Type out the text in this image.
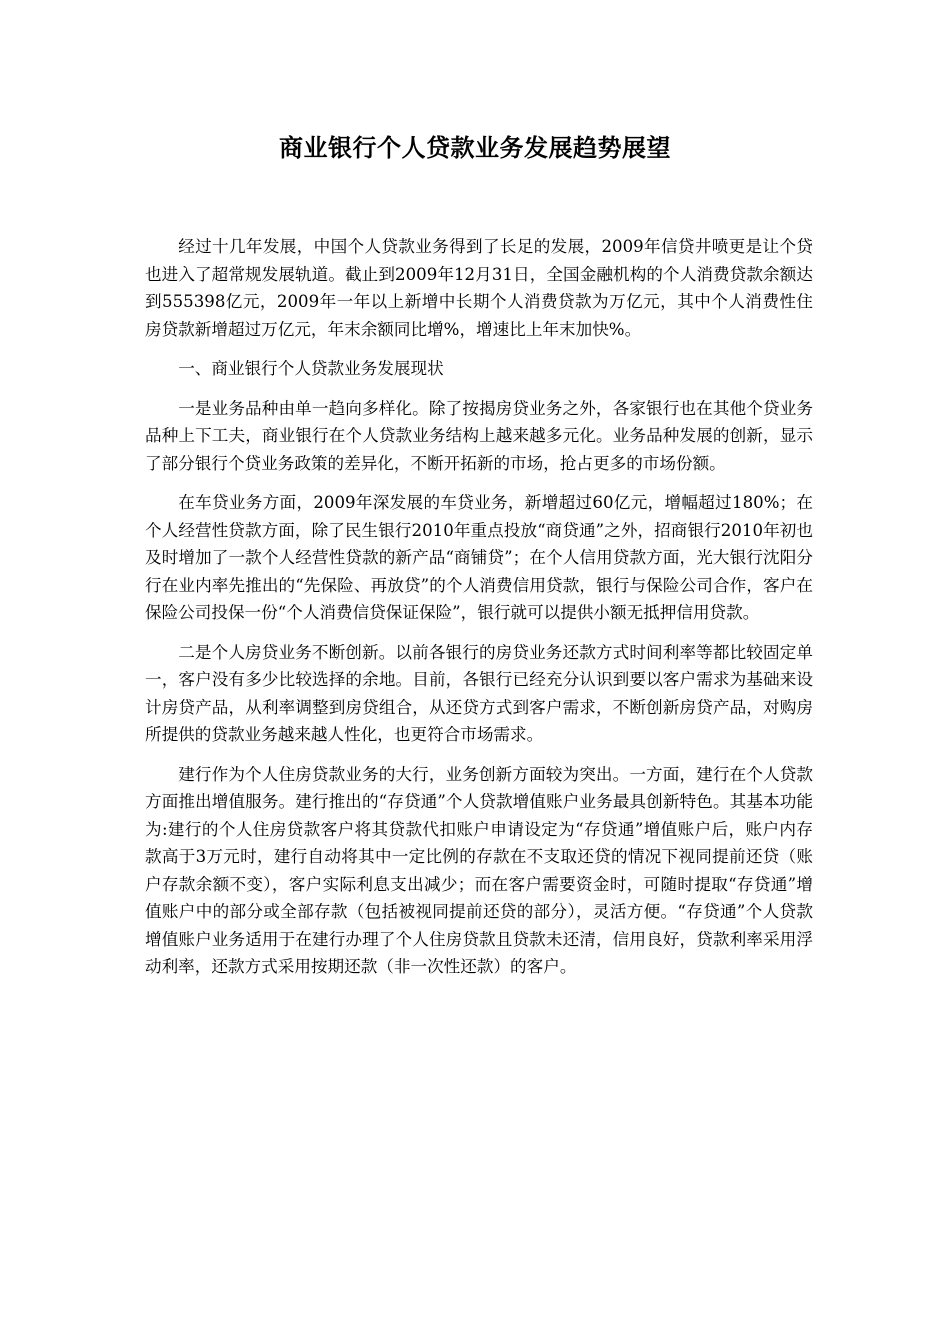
商业银行个人贷款业务发展趋势展望

经过十几年发展，中国个人贷款业务得到了长足的发展，2009年信贷井喷更是让个贷也进入了超常规发展轨道。截止到2009年12月31日，全国金融机构的个人消费贷款余额达到555398亿元，2009年一年以上新增中长期个人消费贷款为万亿元，其中个人消费性住房贷款新增超过万亿元，年末余额同比增%，增速比上年末加快%。

一、商业银行个人贷款业务发展现状

一是业务品种由单一趋向多样化。除了按揭房贷业务之外，各家银行也在其他个贷业务品种上下工夫，商业银行在个人贷款业务结构上越来越多元化。业务品种发展的创新，显示了部分银行个贷业务政策的差异化，不断开拓新的市场，抢占更多的市场份额。

在车贷业务方面，2009年深发展的车贷业务，新增超过60亿元，增幅超过180%；在个人经营性贷款方面，除了民生银行2010年重点投放“商贷通”之外，招商银行2010年初也及时增加了一款个人经营性贷款的新产品“商铺贷”；在个人信用贷款方面，光大银行沈阳分行在业内率先推出的“先保险、再放贷”的个人消费信用贷款，银行与保险公司合作，客户在保险公司投保一份“个人消费信贷保证保险”，银行就可以提供小额无抵押信用贷款。

二是个人房贷业务不断创新。以前各银行的房贷业务还款方式时间利率等都比较固定单一，客户没有多少比较选择的余地。目前，各银行已经充分认识到要以客户需求为基础来设计房贷产品，从利率调整到房贷组合，从还贷方式到客户需求，不断创新房贷产品，对购房所提供的贷款业务越来越人性化，也更符合市场需求。

建行作为个人住房贷款业务的大行，业务创新方面较为突出。一方面，建行在个人贷款方面推出增值服务。建行推出的“存贷通”个人贷款增值账户业务最具创新特色。其基本功能为:建行的个人住房贷款客户将其贷款代扣账户申请设定为“存贷通”增值账户后，账户内存款高于3万元时，建行自动将其中一定比例的存款在不支取还贷的情况下视同提前还贷（账户存款余额不变），客户实际利息支出减少；而在客户需要资金时，可随时提取“存贷通”增值账户中的部分或全部存款（包括被视同提前还贷的部分），灵活方便。“存贷通”个人贷款增值账户业务适用于在建行办理了个人住房贷款且贷款未还清，信用良好，贷款利率采用浮动利率，还款方式采用按期还款（非一次性还款）的客户。
